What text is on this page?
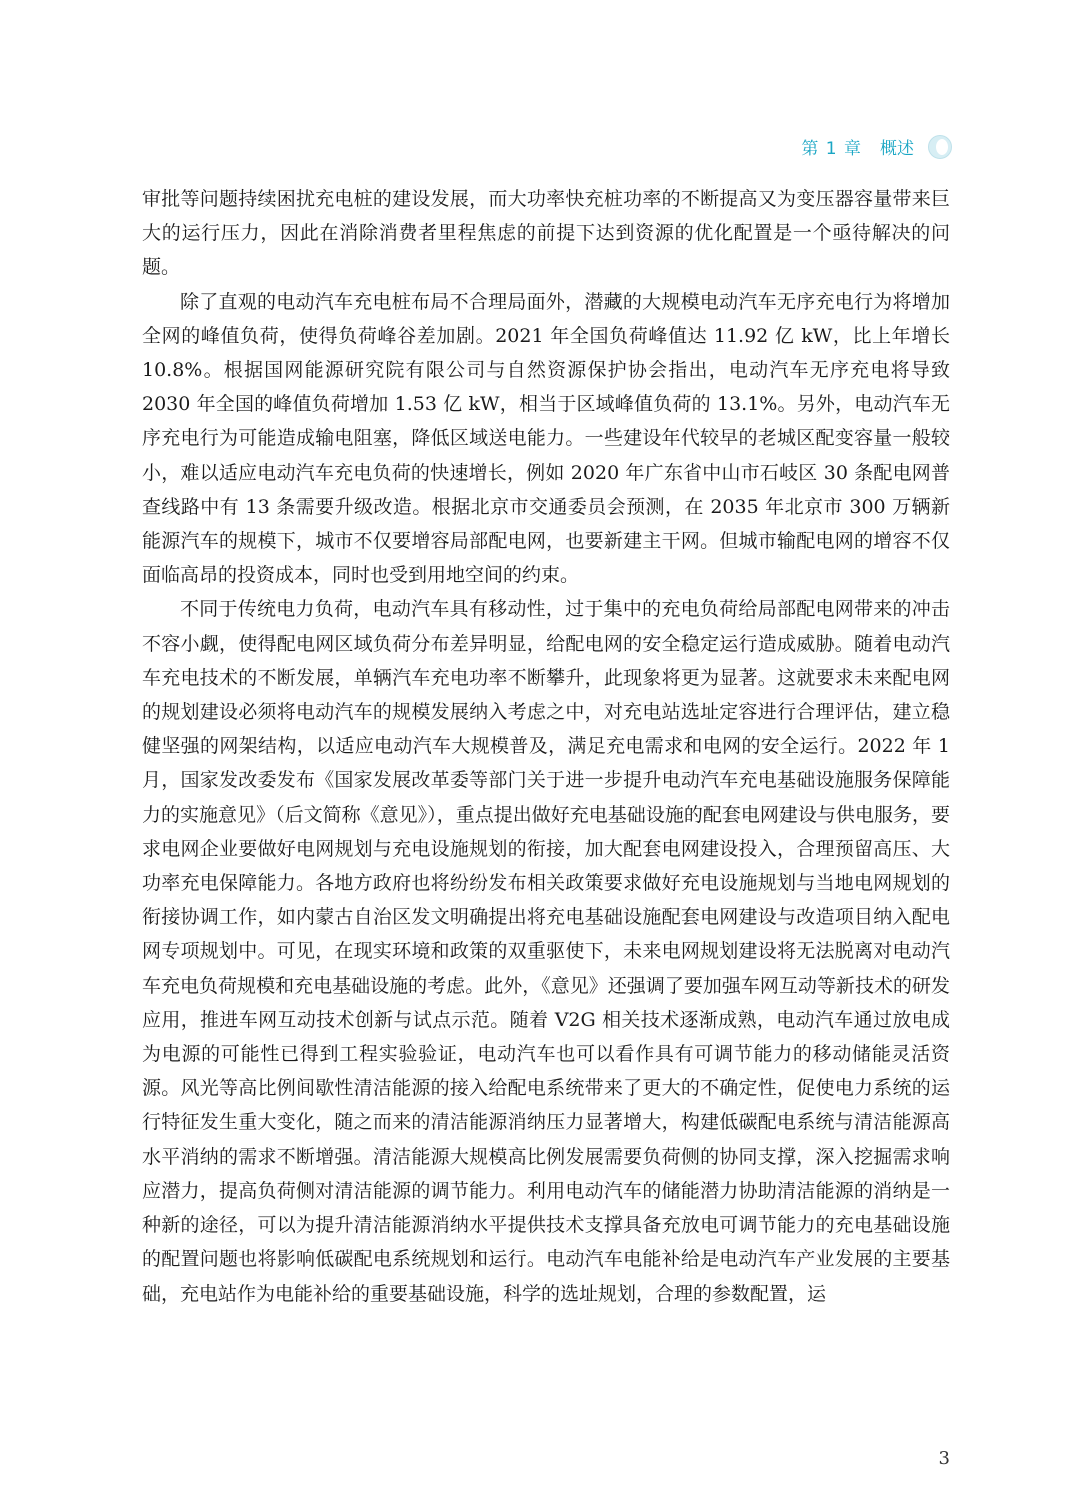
第 1 章 概述

审批等问题持续困扰充电桩的建设发展，而大功率快充桩功率的不断提高又为变压器容量带来巨大的运行压力，因此在消除消费者里程焦虑的前提下达到资源的优化配置是一个亟待解决的问题。

除了直观的电动汽车充电桩布局不合理局面外，潜藏的大规模电动汽车无序充电行为将增加全网的峰值负荷，使得负荷峰谷差加剧。2021 年全国负荷峰值达 11.92 亿 kW，比上年增长 10.8%。根据国网能源研究院有限公司与自然资源保护协会指出，电动汽车无序充电将导致 2030 年全国的峰值负荷增加 1.53 亿 kW，相当于区域峰值负荷的 13.1%。另外，电动汽车无序充电行为可能造成输电阻塞，降低区域送电能力。一些建设年代较早的老城区配变容量一般较小，难以适应电动汽车充电负荷的快速增长，例如 2020 年广东省中山市石岐区 30 条配电网普查线路中有 13 条需要升级改造。根据北京市交通委员会预测，在 2035 年北京市 300 万辆新能源汽车的规模下，城市不仅要增容局部配电网，也要新建主干网。但城市输配电网的增容不仅面临高昂的投资成本，同时也受到用地空间的约束。

不同于传统电力负荷，电动汽车具有移动性，过于集中的充电负荷给局部配电网带来的冲击不容小觑，使得配电网区域负荷分布差异明显，给配电网的安全稳定运行造成威胁。随着电动汽车充电技术的不断发展，单辆汽车充电功率不断攀升，此现象将更为显著。这就要求未来配电网的规划建设必须将电动汽车的规模发展纳入考虑之中，对充电站选址定容进行合理评估，建立稳健坚强的网架结构，以适应电动汽车大规模普及，满足充电需求和电网的安全运行。2022 年 1 月，国家发改委发布《国家发展改革委等部门关于进一步提升电动汽车充电基础设施服务保障能力的实施意见》（后文简称《意见》），重点提出做好充电基础设施的配套电网建设与供电服务，要求电网企业要做好电网规划与充电设施规划的衔接，加大配套电网建设投入，合理预留高压、大功率充电保障能力。各地方政府也将纷纷发布相关政策要求做好充电设施规划与当地电网规划的衔接协调工作，如内蒙古自治区发文明确提出将充电基础设施配套电网建设与改造项目纳入配电网专项规划中。可见，在现实环境和政策的双重驱使下，未来电网规划建设将无法脱离对电动汽车充电负荷规模和充电基础设施的考虑。此外，《意见》还强调了要加强车网互动等新技术的研发应用，推进车网互动技术创新与试点示范。随着 V2G 相关技术逐渐成熟，电动汽车通过放电成为电源的可能性已得到工程实验验证，电动汽车也可以看作具有可调节能力的移动储能灵活资源。风光等高比例间歇性清洁能源的接入给配电系统带来了更大的不确定性，促使电力系统的运行特征发生重大变化，随之而来的清洁能源消纳压力显著增大，构建低碳配电系统与清洁能源高水平消纳的需求不断增强。清洁能源大规模高比例发展需要负荷侧的协同支撑，深入挖掘需求响应潜力，提高负荷侧对清洁能源的调节能力。利用电动汽车的储能潜力协助清洁能源的消纳是一种新的途径，可以为提升清洁能源消纳水平提供技术支撑具备充放电可调节能力的充电基础设施的配置问题也将影响低碳配电系统规划和运行。电动汽车电能补给是电动汽车产业发展的主要基础，充电站作为电能补给的重要基础设施，科学的选址规划，合理的参数配置，运

3
